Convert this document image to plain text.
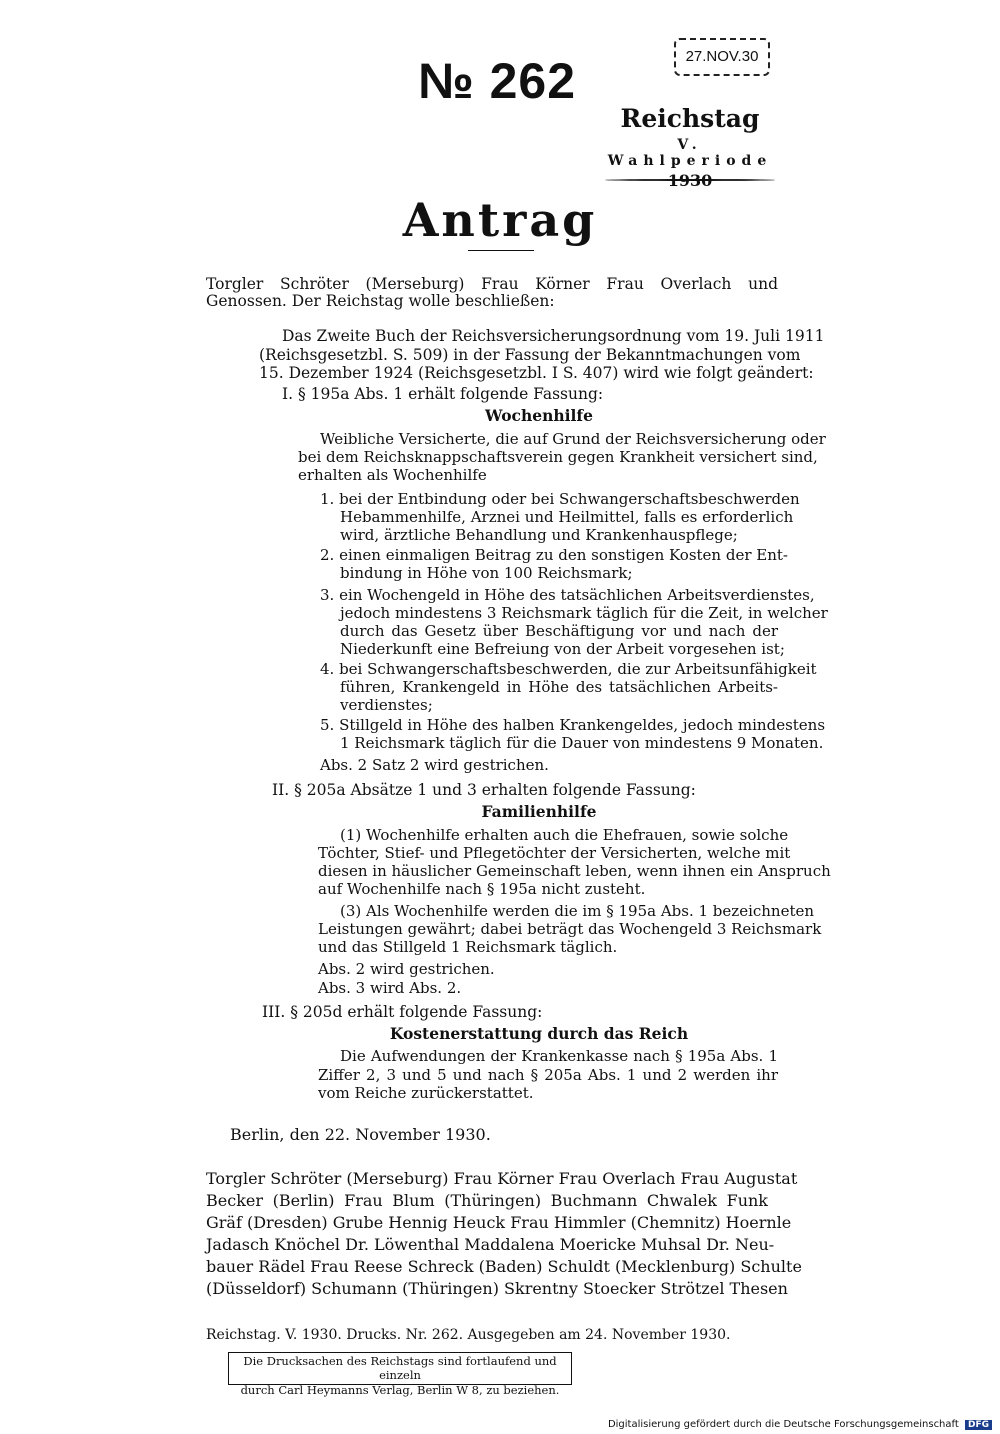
№ 262	27.NOV.30
Reichstag
V. Wahlperiode
1930
Antrag
Torgler Schröter (Merseburg) Frau Körner Frau Overlach und
Genossen. Der Reichstag wolle beschließen:
Das Zweite Buch der Reichsversicherungsordnung vom 19. Juli 1911
(Reichsgesetzbl. S. 509) in der Fassung der Bekanntmachungen vom
15. Dezember 1924 (Reichsgesetzbl. I S. 407) wird wie folgt geändert:
I. § 195a Abs. 1 erhält folgende Fassung:
Wochenhilfe
Weibliche Versicherte, die auf Grund der Reichsversicherung oder
bei dem Reichsknappschaftsverein gegen Krankheit versichert sind,
erhalten als Wochenhilfe
1. bei der Entbindung oder bei Schwangerschaftsbeschwerden
Hebammenhilfe, Arznei und Heilmittel, falls es erforderlich
wird, ärztliche Behandlung und Krankenhauspflege;
2. einen einmaligen Beitrag zu den sonstigen Kosten der Ent-
bindung in Höhe von 100 Reichsmark;
3. ein Wochengeld in Höhe des tatsächlichen Arbeitsverdienstes,
jedoch mindestens 3 Reichsmark täglich für die Zeit, in welcher
durch das Gesetz über Beschäftigung vor und nach der
Niederkunft eine Befreiung von der Arbeit vorgesehen ist;
4. bei Schwangerschaftsbeschwerden, die zur Arbeitsunfähigkeit
führen, Krankengeld in Höhe des tatsächlichen Arbeits-
verdienstes;
5. Stillgeld in Höhe des halben Krankengeldes, jedoch mindestens
1 Reichsmark täglich für die Dauer von mindestens 9 Monaten.
Abs. 2 Satz 2 wird gestrichen.
II. § 205a Absätze 1 und 3 erhalten folgende Fassung:
Familienhilfe
(1) Wochenhilfe erhalten auch die Ehefrauen, sowie solche
Töchter, Stief- und Pflegetöchter der Versicherten, welche mit
diesen in häuslicher Gemeinschaft leben, wenn ihnen ein Anspruch
auf Wochenhilfe nach § 195a nicht zusteht.
(3) Als Wochenhilfe werden die im § 195a Abs. 1 bezeichneten
Leistungen gewährt; dabei beträgt das Wochengeld 3 Reichsmark
und das Stillgeld 1 Reichsmark täglich.
Abs. 2 wird gestrichen.
Abs. 3 wird Abs. 2.
III. § 205d erhält folgende Fassung:
Kostenerstattung durch das Reich
Die Aufwendungen der Krankenkasse nach § 195a Abs. 1
Ziffer 2, 3 und 5 und nach § 205a Abs. 1 und 2 werden ihr
vom Reiche zurückerstattet.
Berlin, den 22. November 1930.
Torgler Schröter (Merseburg) Frau Körner Frau Overlach Frau Augustat
Becker (Berlin) Frau Blum (Thüringen) Buchmann Chwalek Funk
Gräf (Dresden) Grube Hennig Heuck Frau Himmler (Chemnitz) Hoernle
Jadasch Knöchel Dr. Löwenthal Maddalena Moericke Muhsal Dr. Neu-
bauer Rädel Frau Reese Schreck (Baden) Schuldt (Mecklenburg) Schulte
(Düsseldorf) Schumann (Thüringen) Skrentny Stoecker Strötzel Thesen
Reichstag. V. 1930. Drucks. Nr. 262. Ausgegeben am 24. November 1930.
Die Drucksachen des Reichstags sind fortlaufend und einzeln
durch Carl Heymanns Verlag, Berlin W 8, zu beziehen.
Digitalisierung gefördert durch die Deutsche Forschungsgemeinschaft DFG
